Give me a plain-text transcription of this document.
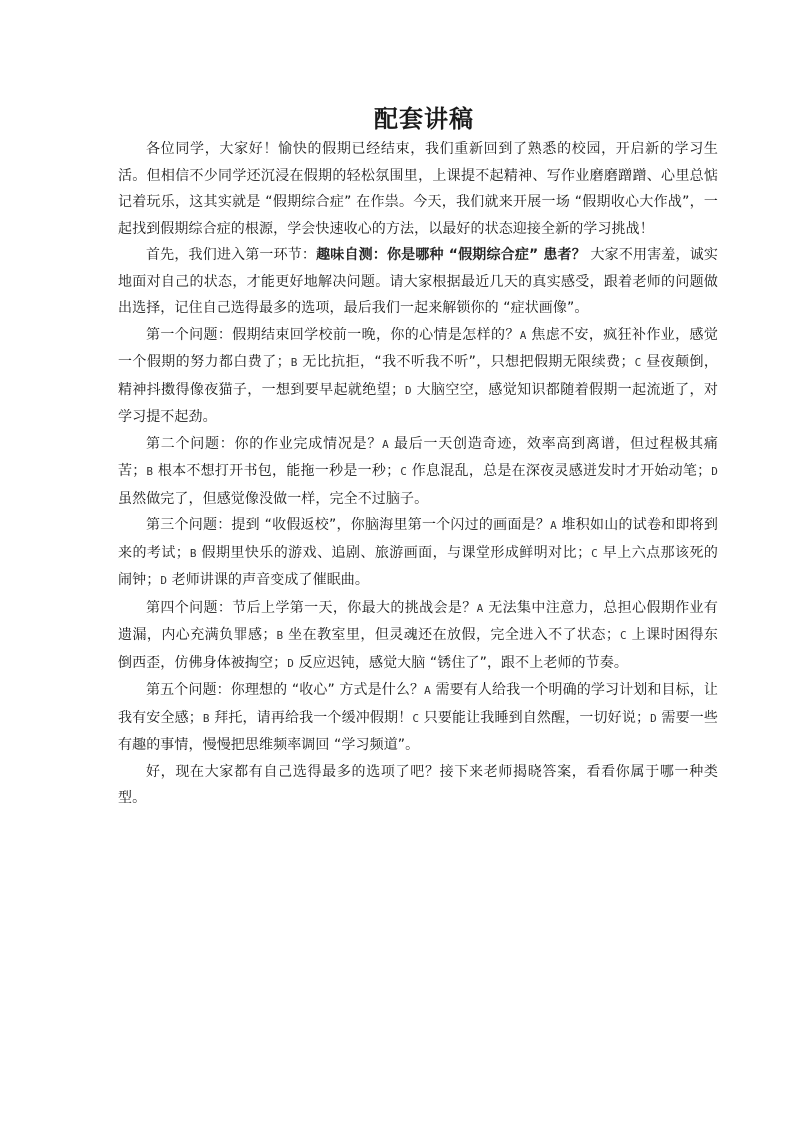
配套讲稿

各位同学，大家好！愉快的假期已经结束，我们重新回到了熟悉的校园，开启新的学习生活。但相信不少同学还沉浸在假期的轻松氛围里，上课提不起精神、写作业磨磨蹭蹭、心里总惦记着玩乐，这其实就是 “假期综合症” 在作祟。今天，我们就来开展一场 “假期收心大作战”，一起找到假期综合症的根源，学会快速收心的方法，以最好的状态迎接全新的学习挑战！

首先，我们进入第一环节：趣味自测：你是哪种 “假期综合症” 患者？ 大家不用害羞，诚实地面对自己的状态，才能更好地解决问题。请大家根据最近几天的真实感受，跟着老师的问题做出选择，记住自己选得最多的选项，最后我们一起来解锁你的 “症状画像”。

第一个问题：假期结束回学校前一晚，你的心情是怎样的？A 焦虑不安，疯狂补作业，感觉一个假期的努力都白费了；B 无比抗拒，“我不听我不听”，只想把假期无限续费；C 昼夜颠倒，精神抖擞得像夜猫子，一想到要早起就绝望；D 大脑空空，感觉知识都随着假期一起流逝了，对学习提不起劲。

第二个问题：你的作业完成情况是？A 最后一天创造奇迹，效率高到离谱，但过程极其痛苦；B 根本不想打开书包，能拖一秒是一秒；C 作息混乱，总是在深夜灵感迸发时才开始动笔；D 虽然做完了，但感觉像没做一样，完全不过脑子。

第三个问题：提到 “收假返校”，你脑海里第一个闪过的画面是？A 堆积如山的试卷和即将到来的考试；B 假期里快乐的游戏、追剧、旅游画面，与课堂形成鲜明对比；C 早上六点那该死的闹钟；D 老师讲课的声音变成了催眠曲。

第四个问题：节后上学第一天，你最大的挑战会是？A 无法集中注意力，总担心假期作业有遗漏，内心充满负罪感；B 坐在教室里，但灵魂还在放假，完全进入不了状态；C 上课时困得东倒西歪，仿佛身体被掏空；D 反应迟钝，感觉大脑 “锈住了”，跟不上老师的节奏。

第五个问题：你理想的 “收心” 方式是什么？A 需要有人给我一个明确的学习计划和目标，让我有安全感；B 拜托，请再给我一个缓冲假期！C 只要能让我睡到自然醒，一切好说；D 需要一些有趣的事情，慢慢把思维频率调回 “学习频道”。

好，现在大家都有自己选得最多的选项了吧？接下来老师揭晓答案，看看你属于哪一种类型。
